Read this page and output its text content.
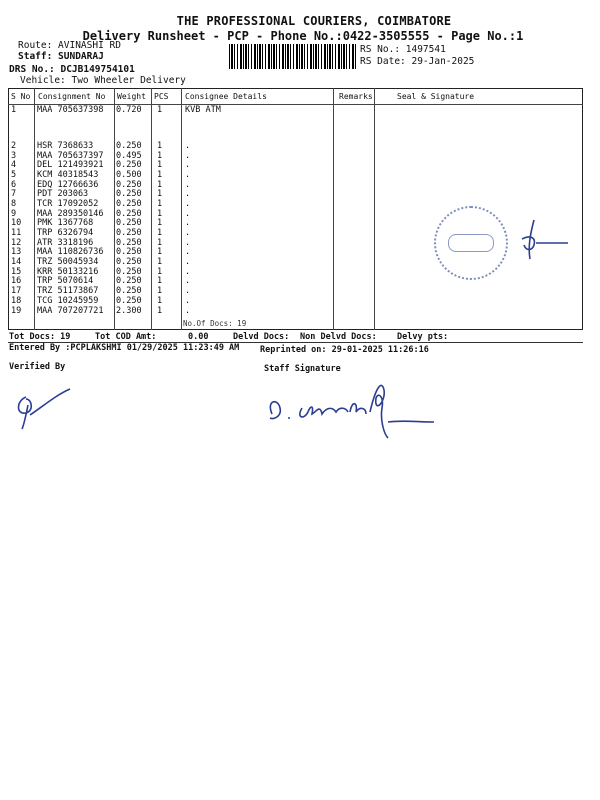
THE PROFESSIONAL COURIERS, COIMBATORE
Delivery Runsheet - PCP - Phone No.:0422-3505555 - Page No.:1
Route: AVINASHI RD
Staff: SUNDARAJ
DRS No.: DCJB149754101
Vehicle: Two Wheeler Delivery
RS No.: 1497541
RS Date: 29-Jan-2025
S No Consignment No Weight PCS Consignee Details	Remarks	Seal & Signature
1 MAA 705637398 0.720 1	KVB ATM
2 HSR 7368633	0.250 1	.
3 MAA 705637397 0.495 1	.
4 DEL 121493921 0.250 1	.
5 KCM 40318543 0.500 1	.
6 EDQ 12766636 0.250 1	.
7 PDT 203063	0.250 1	.
8 TCR 17092052 0.250 1	.
9 MAA 289350146 0.250 1	.
10 PMK 1367768	0.250 1	.
11 TRP 6326794	0.250 1	.
12 ATR 3318196	0.250 1	.
13 MAA 110826736 0.250 1	.
14 TRZ 50045934 0.250 1	.
15 KRR 50133216 0.250 1	.
16 TRP 5070614	0.250 1	.
17 TRZ 51173867 0.250 1	.
18 TCG 10245959 0.250 1	.
19 MAA 707207721 2.300 1	.
No.Of Docs: 19
Tot Docs: 19	Tot COD Amt:	0.00	Delvd Docs: Non Delvd Docs: Delvy pts:
Entered By :PCPLAKSHMI 01/29/2025 11:23:49 AM Reprinted on: 29-01-2025 11:26:16
Verified By	Staff Signature
